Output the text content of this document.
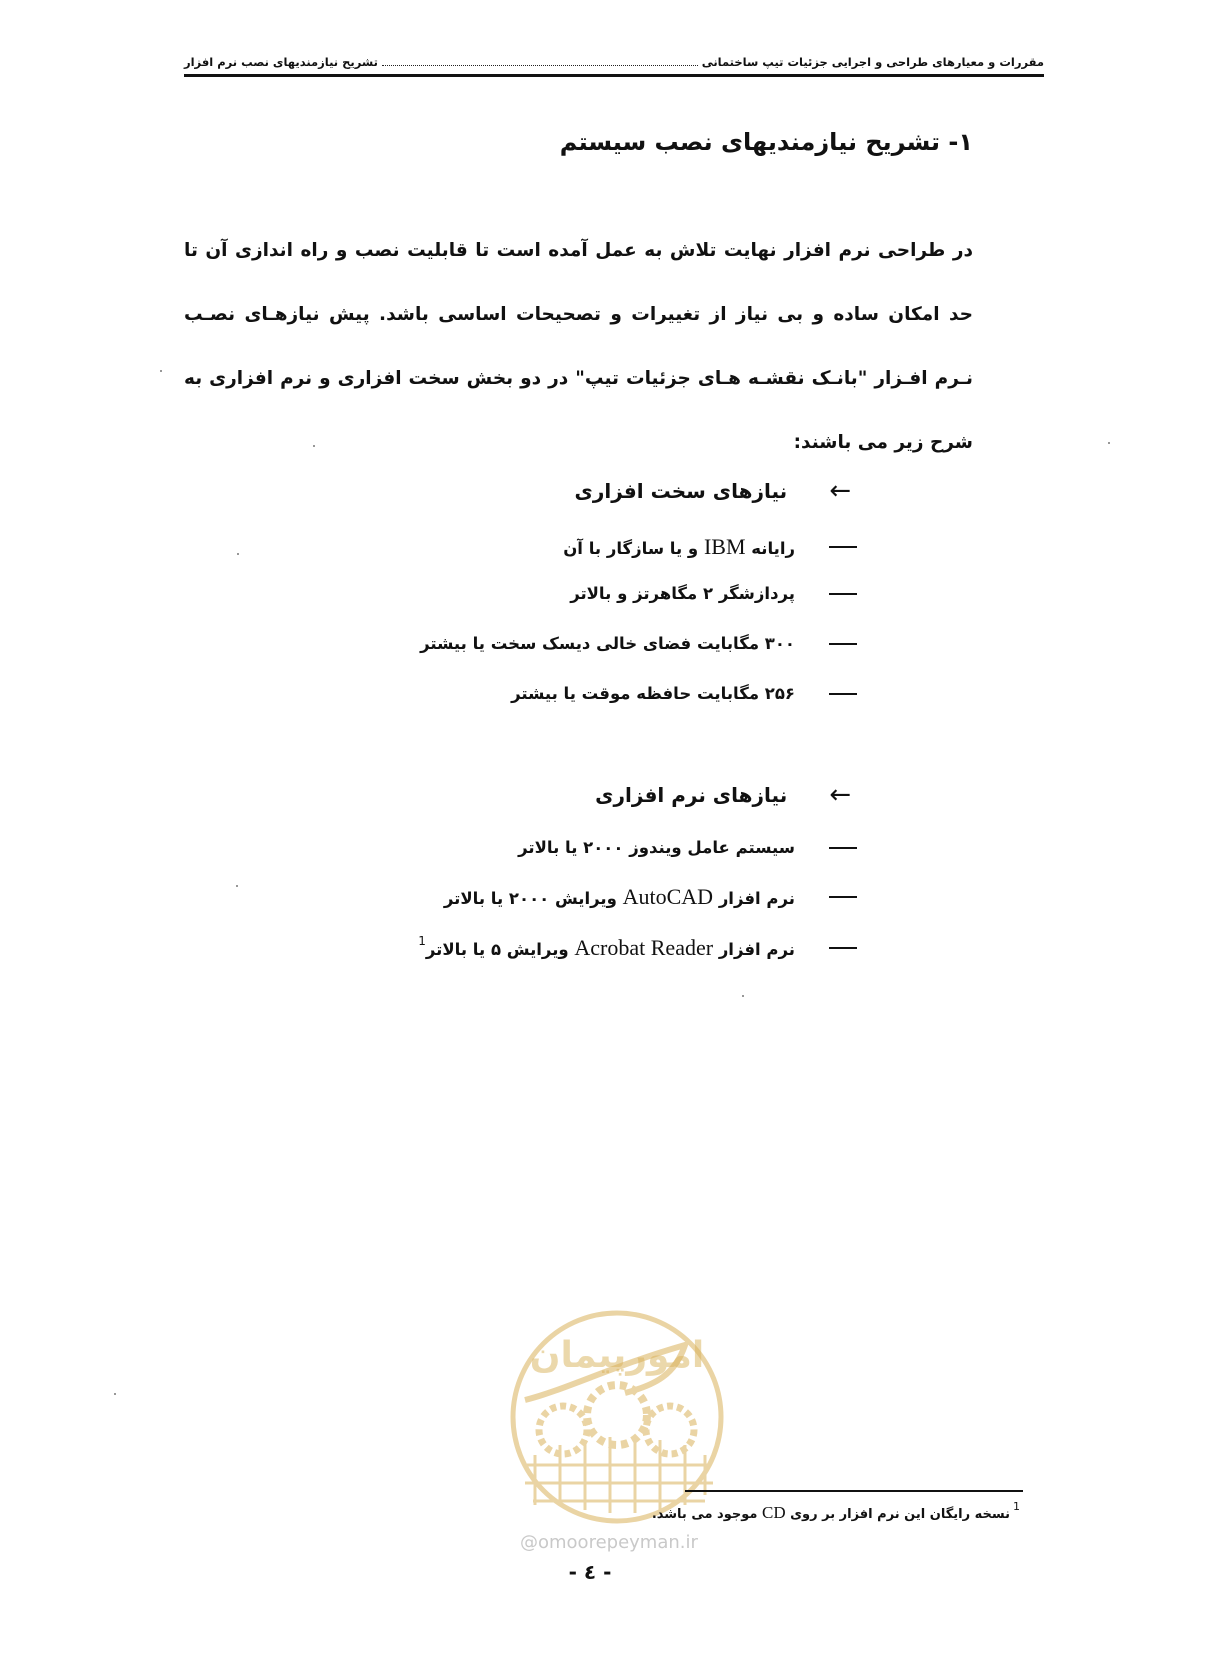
مقررات و معیارهای طراحی و اجرایی جزئیات تیپ ساختمانی
تشریح نیازمندیهای نصب نرم افزار
۱- تشریح نیازمندیهای نصب سیستم

در طراحی نرم افزار نهایت تلاش به عمل آمده است تا قابلیت نصب و راه اندازی آن تا حد امکان ساده و بی نیاز از تغییرات و تصحیحات اساسی باشد. پیش نیازهـای نصـب نـرم افـزار "بانـک نقشـه هـای جزئیات تیپ" در دو بخش سخت افزاری و نرم افزاری به شرح زیر می باشند:

←
نیازهای سخت افزاری
رایانه IBM و یا سازگار با آن
پردازشگر ۲ مگاهرتز و بالاتر
۳۰۰ مگابایت فضای خالی دیسک سخت یا بیشتر
۲۵۶ مگابایت حافظه موقت یا بیشتر
←
نیازهای نرم افزاری
سیستم عامل ویندوز ۲۰۰۰ یا بالاتر
نرم افزار AutoCAD ویرایش ۲۰۰۰ یا بالاتر
نرم افزار Acrobat Reader ویرایش ۵ یا بالاتر$^1$
امورپیمان
@omoorepeyman.ir
$^1$نسخه رایگان این نرم افزار بر روی CD موجود می باشد.
- ٤ -
